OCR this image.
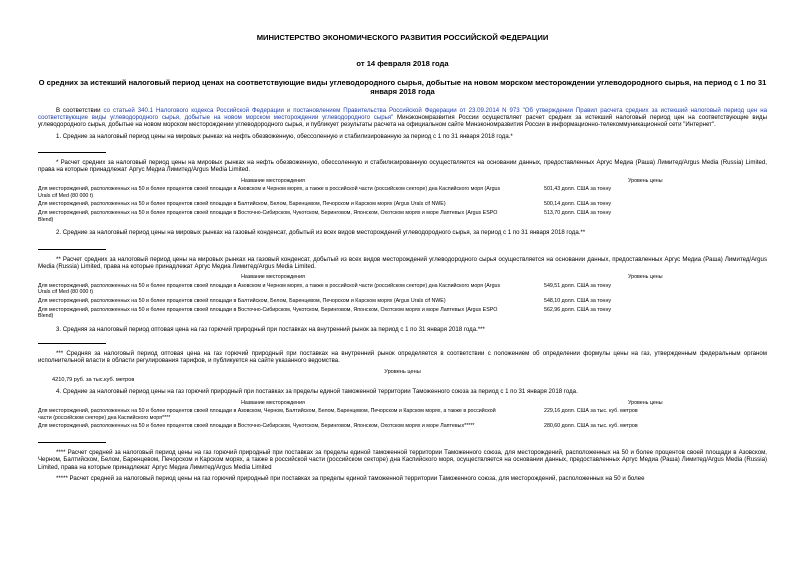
МИНИСТЕРСТВО ЭКОНОМИЧЕСКОГО РАЗВИТИЯ РОССИЙСКОЙ ФЕДЕРАЦИИ
от 14 февраля 2018 года
О средних за истекший налоговый период ценах на соответствующие виды углеводородного сырья, добытые на новом морском месторождении углеводородного сырья, на период с 1 по 31 января 2018 года

В соответствии со статьей 340.1 Налогового кодекса Российской Федерации и постановлением Правительства Российской Федерации от 23.09.2014 N 973 "Об утверждении Правил расчета средних за истекший налоговый период цен на соответствующие виды углеводородного сырья, добытые на новом морском месторождении углеводородного сырья" Минэкономразвития России осуществляет расчет средних за истекший налоговый период цен на соответствующие виды углеводородного сырья, добытые на новом морском месторождении углеводородного сырья, и публикует результаты расчета на официальном сайте Минэкономразвития России в информационно-телекоммуникационной сети "Интернет".

1. Средние за налоговый период цены на мировых рынках на нефть обезвоженную, обессоленную и стабилизированную за период с 1 по 31 января 2018 года.*

* Расчет средних за налоговый период цены на мировых рынках на нефть обезвоженную, обессоленную и стабилизированную осуществляется на основании данных, предоставленных Аргус Медиа (Раша) Лимитед/Argus Media (Russia) Limited, права на которые принадлежат Аргус Медиа Лимитед/Argus Media Limited.

Название месторождения		Уровень цены
Для месторождений, расположенных на 50 и более процентов своей площади в Азовском и Черном морях, а также в российской части (российском секторе) дна Каспийского моря (Argus Urals cif Med (80 000 t)		501,43 долл. США за тонну
Для месторождений, расположенных на 50 и более процентов своей площади в Балтийском, Белом, Баренцевом, Печорском и Карском морях (Argus Urals cif NWE)		500,14 долл. США за тонну
Для месторождений, расположенных на 50 и более процентов своей площади в Восточно-Сибирском, Чукотском, Беринговом, Японском, Охотском морях и море Лаптевых (Argus ESPO Blend)		513,70 долл. США за тонну

2. Средние за налоговый период цены на мировых рынках на газовый конденсат, добытый из всех видов месторождений углеводородного сырья, за период с 1 по 31 января 2018 года.**

** Расчет средних за налоговый период цены на мировых рынках на газовый конденсат, добытый из всех видов месторождений углеводородного сырья осуществляется на основании данных, предоставленных Аргус Медиа (Раша) Лимитед/Argus Media (Russia) Limited, права на которые принадлежат Аргус Медиа Лимитед/Argus Media Limited.

Название месторождения		Уровень цены
Для месторождений, расположенных на 50 и более процентов своей площади в Азовском и Черном морях, а также в российской части (российском секторе) дна Каспийского моря (Argus Urals cif Med (80 000 t)		549,51 долл. США за тонну
Для месторождений, расположенных на 50 и более процентов своей площади в Балтийском, Белом, Баренцевом, Печорском и Карском морях (Argus Urals cif NWE)		548,10 долл. США за тонну
Для месторождений, расположенных на 50 и более процентов своей площади в Восточно-Сибирском, Чукотском, Беринговом, Японском, Охотском морях и море Лаптевых (Argus ESPO Blend)		562,96 долл. США за тонну

3. Средняя за налоговый период оптовая цена на газ горючий природный при поставках на внутренний рынок за период с 1 по 31 января 2018 года.***

*** Средняя за налоговый период оптовая цена на газ горючий природный при поставках на внутренний рынок определяется в соответствии с положением об определении формулы цены на газ, утвержденным федеральным органом исполнительной власти в области регулирования тарифов, и публикуется на сайте указанного ведомства.

Уровень цены
4210,79 руб. за тыс.куб. метров

4. Средние за налоговый период цены на газ горючий природный при поставках за пределы единой таможенной территории Таможенного союза за период с 1 по 31 января 2018 года.

Название месторождения		Уровень цены
Для месторождений, расположенных на 50 и более процентов своей площади в Азовском, Черном, Балтийском, Белом, Баренцевом, Печорском и Карском морях, а также в российской части (российском секторе) дна Каспийского моря****		229,16 долл. США за тыс. куб. метров
Для месторождений, расположенных на 50 и более процентов своей площади в Восточно-Сибирском, Чукотском, Беринговом, Японском, Охотском морях и море Лаптевых*****		280,60 долл. США за тыс. куб. метров

**** Расчет средней за налоговый период цены на газ горючий природный при поставках за пределы единой таможенной территории Таможенного союза, для месторождений, расположенных на 50 и более процентов своей площади в Азовском, Черном, Балтийском, Белом, Баренцевом, Печорском и Карском морях, а также в российской части (российском секторе) дна Каспийского моря, осуществляется на основании данных, предоставленных Аргус Медиа (Раша) Лимитед/Argus Media (Russia) Limited, права на которые принадлежат Аргус Медиа Лимитед/Argus Media Limited

***** Расчет средней за налоговый период цены на газ горючий природный при поставках за пределы единой таможенной территории Таможенного союза, для месторождений, расположенных на 50 и более
